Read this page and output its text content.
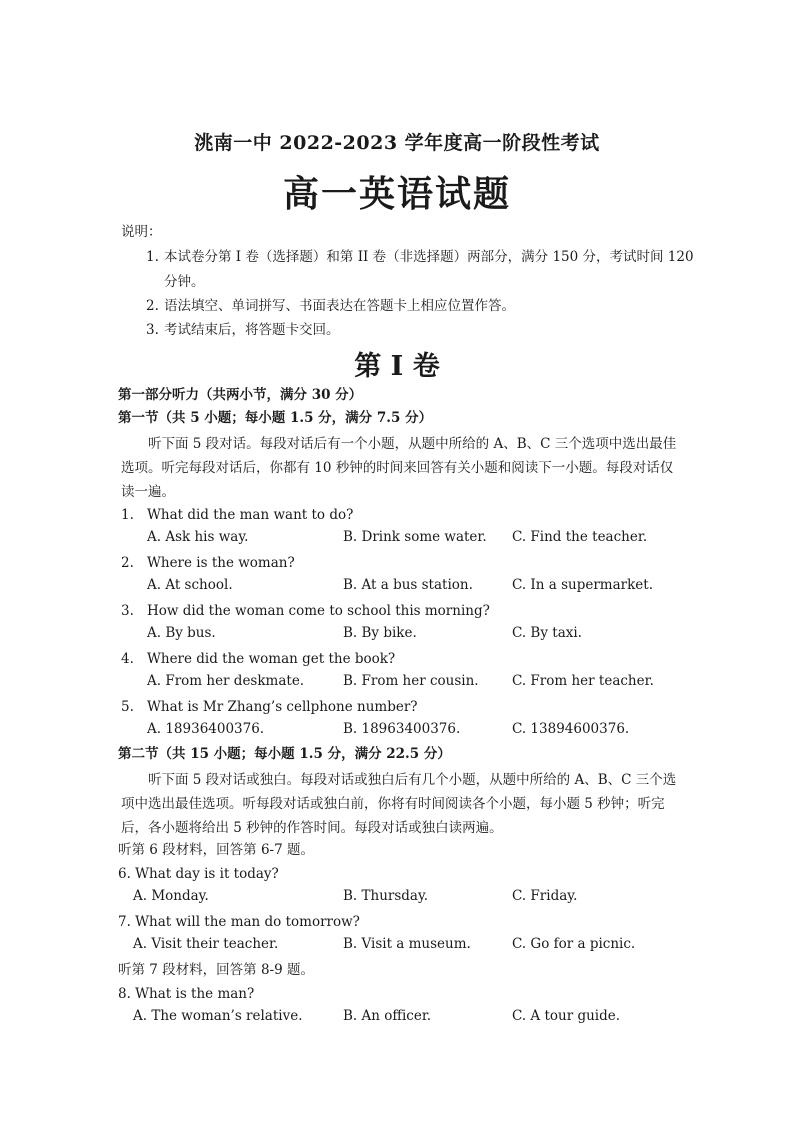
洮南一中 2022-2023 学年度高一阶段性考试
高一英语试题
说明：
1. 本试卷分第 I 卷（选择题）和第 II 卷（非选择题）两部分，满分 150 分，考试时间 120
分钟。
2. 语法填空、单词拼写、书面表达在答题卡上相应位置作答。
3. 考试结束后，将答题卡交回。
第 I 卷
第一部分听力（共两小节，满分 30 分）
第一节（共 5 小题；每小题 1.5 分，满分 7.5 分）
听下面 5 段对话。每段对话后有一个小题，从题中所给的 A、B、C 三个选项中选出最佳选项。听完每段对话后，你都有 10 秒钟的时间来回答有关小题和阅读下一小题。每段对话仅读一遍。
1. What did the man want to do?
A. Ask his way.	B. Drink some water. C. Find the teacher.
2. Where is the woman?
A. At school.	B. At a bus station.	C. In a supermarket.
3. How did the woman come to school this morning?
A. By bus.	B. By bike.	C. By taxi.
4. Where did the woman get the book?
A. From her deskmate.	B. From her cousin. C. From her teacher.
5. What is Mr Zhang’s cellphone number?
A. 18936400376.	B. 18963400376.	C. 13894600376.
第二节（共 15 小题；每小题 1.5 分，满分 22.5 分）
听下面 5 段对话或独白。每段对话或独白后有几个小题，从题中所给的 A、B、C 三个选项中选出最佳选项。听每段对话或独白前，你将有时间阅读各个小题，每小题 5 秒钟；听完后，各小题将给出 5 秒钟的作答时间。每段对话或独白读两遍。
听第 6 段材料，回答第 6-7 题。
6. What day is it today?
A. Monday.	B. Thursday.	C. Friday.
7. What will the man do tomorrow?
A. Visit their teacher.	B. Visit a museum.	C. Go for a picnic.
听第 7 段材料，回答第 8-9 题。
8. What is the man?
A. The woman’s relative.	B. An officer.	C. A tour guide.
